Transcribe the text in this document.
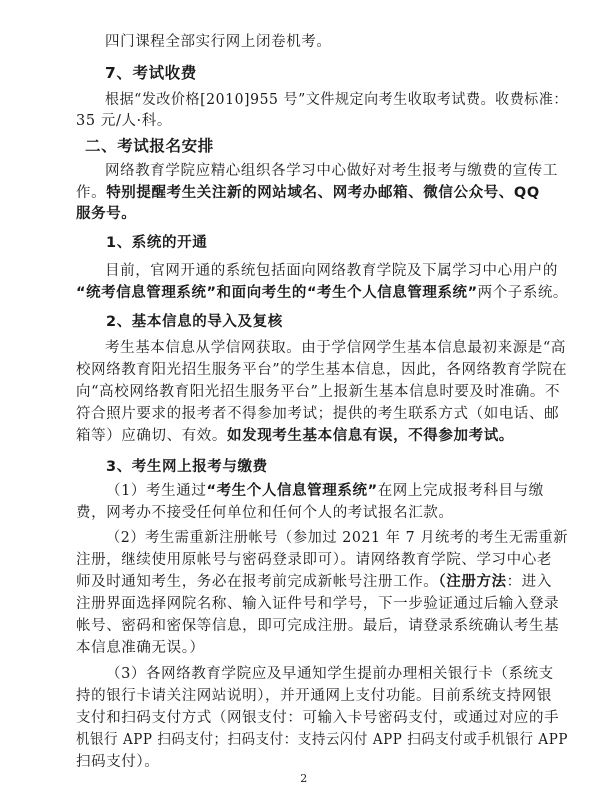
四门课程全部实行网上闭卷机考。
7、考试收费
根据“发改价格[2010]955 号”文件规定向考生收取考试费。收费标准：
35 元/人·科。
二、考试报名安排
网络教育学院应精心组织各学习中心做好对考生报考与缴费的宣传工
作。特别提醒考生关注新的网站域名、网考办邮箱、微信公众号、QQ
服务号。
1、系统的开通
目前，官网开通的系统包括面向网络教育学院及下属学习中心用户的
“统考信息管理系统”和面向考生的“考生个人信息管理系统”两个子系统。
2、基本信息的导入及复核
考生基本信息从学信网获取。由于学信网学生基本信息最初来源是“高
校网络教育阳光招生服务平台”的学生基本信息，因此，各网络教育学院在
向“高校网络教育阳光招生服务平台”上报新生基本信息时要及时准确。不
符合照片要求的报考者不得参加考试；提供的考生联系方式（如电话、邮
箱等）应确切、有效。如发现考生基本信息有误，不得参加考试。
3、考生网上报考与缴费
（1）考生通过“考生个人信息管理系统”在网上完成报考科目与缴
费，网考办不接受任何单位和任何个人的考试报名汇款。
（2）考生需重新注册帐号（参加过 2021 年 7 月统考的考生无需重新
注册，继续使用原帐号与密码登录即可）。请网络教育学院、学习中心老
师及时通知考生，务必在报考前完成新帐号注册工作。（注册方法：进入
注册界面选择网院名称、输入证件号和学号，下一步验证通过后输入登录
帐号、密码和密保等信息，即可完成注册。最后，请登录系统确认考生基
本信息准确无误。）
（3）各网络教育学院应及早通知学生提前办理相关银行卡（系统支
持的银行卡请关注网站说明），并开通网上支付功能。目前系统支持网银
支付和扫码支付方式（网银支付：可输入卡号密码支付，或通过对应的手
机银行 APP 扫码支付；扫码支付：支持云闪付 APP 扫码支付或手机银行 APP
扫码支付）。
2
